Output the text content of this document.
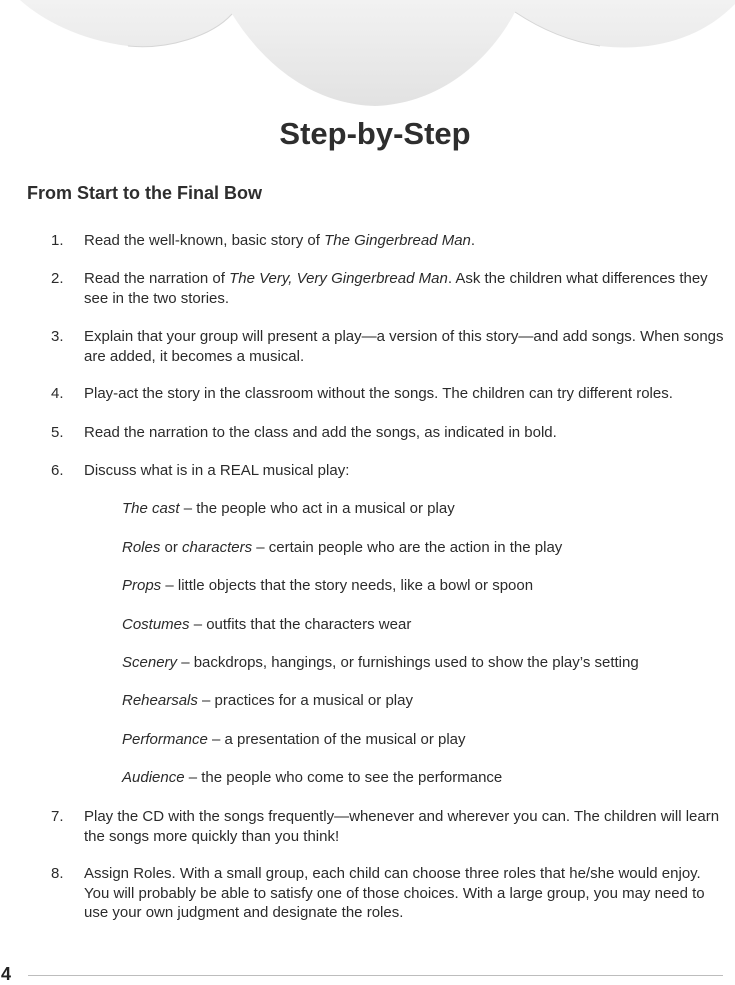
Step-by-Step
From Start to the Final Bow
1.	Read the well-known, basic story of The Gingerbread Man.
2.	Read the narration of The Very, Very Gingerbread Man. Ask the children what differences they see in the two stories.
3.	Explain that your group will present a play—a version of this story—and add songs. When songs are added, it becomes a musical.
4.	Play-act the story in the classroom without the songs. The children can try different roles.
5.	Read the narration to the class and add the songs, as indicated in bold.
6.	Discuss what is in a REAL musical play:
The cast – the people who act in a musical or play
Roles or characters – certain people who are the action in the play
Props – little objects that the story needs, like a bowl or spoon
Costumes – outfits that the characters wear
Scenery – backdrops, hangings, or furnishings used to show the play’s setting
Rehearsals – practices for a musical or play
Performance – a presentation of the musical or play
Audience – the people who come to see the performance
7.	Play the CD with the songs frequently—whenever and wherever you can. The children will learn the songs more quickly than you think!
8.	Assign Roles. With a small group, each child can choose three roles that he/she would enjoy. You will probably be able to satisfy one of those choices. With a large group, you may need to use your own judgment and designate the roles.
4
